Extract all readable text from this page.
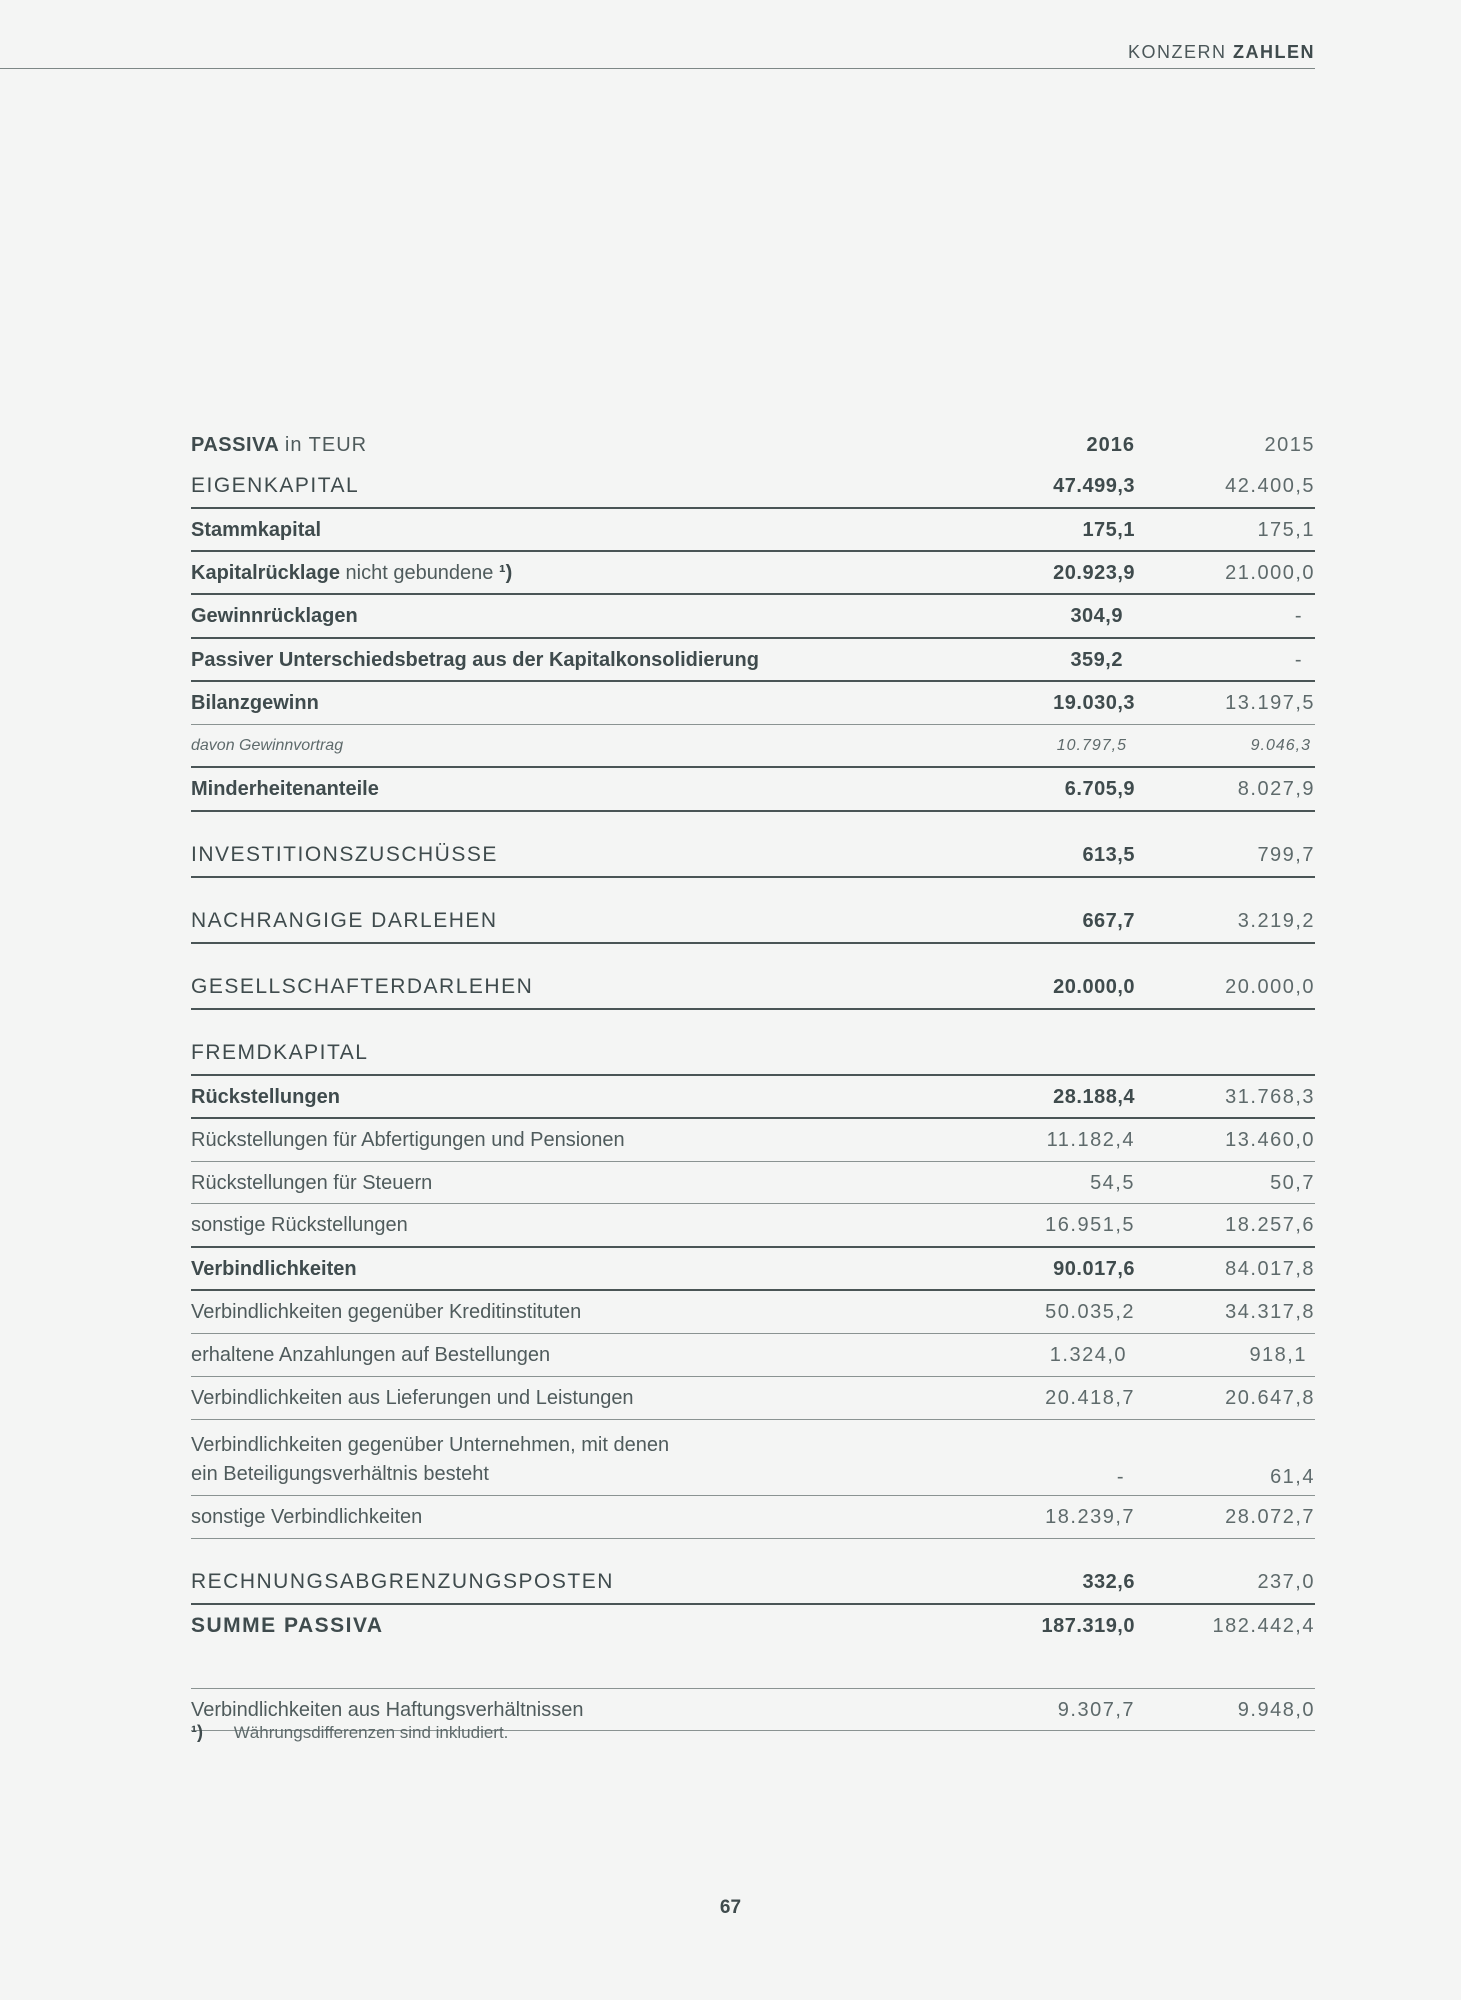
KONZERN ZAHLEN
PASSIVA in TEUR	2016	2015
EIGENKAPITAL	47.499,3	42.400,5
Stammkapital	175,1	175,1
Kapitalrücklage nicht gebundene ¹)	20.923,9	21.000,0
Gewinnrücklagen	304,9	-
Passiver Unterschiedsbetrag aus der Kapitalkonsolidierung	359,2	-
Bilanzgewinn	19.030,3	13.197,5
davon Gewinnvortrag	10.797,5	9.046,3
Minderheitenanteile	6.705,9	8.027,9
INVESTITIONSZUSCHÜSSE	613,5	799,7
NACHRANGIGE DARLEHEN	667,7	3.219,2
GESELLSCHAFTERDARLEHEN	20.000,0	20.000,0
FREMDKAPITAL
Rückstellungen	28.188,4	31.768,3
Rückstellungen für Abfertigungen und Pensionen	11.182,4	13.460,0
Rückstellungen für Steuern	54,5	50,7
sonstige Rückstellungen	16.951,5	18.257,6
Verbindlichkeiten	90.017,6	84.017,8
Verbindlichkeiten gegenüber Kreditinstituten	50.035,2	34.317,8
erhaltene Anzahlungen auf Bestellungen	1.324,0	918,1
Verbindlichkeiten aus Lieferungen und Leistungen	20.418,7	20.647,8
Verbindlichkeiten gegenüber Unternehmen, mit denen
ein Beteiligungsverhältnis besteht	-	61,4
sonstige Verbindlichkeiten	18.239,7	28.072,7
RECHNUNGSABGRENZUNGSPOSTEN	332,6	237,0
SUMME PASSIVA	187.319,0	182.442,4
Verbindlichkeiten aus Haftungsverhältnissen	9.307,7	9.948,0
¹) Währungsdifferenzen sind inkludiert.
67
